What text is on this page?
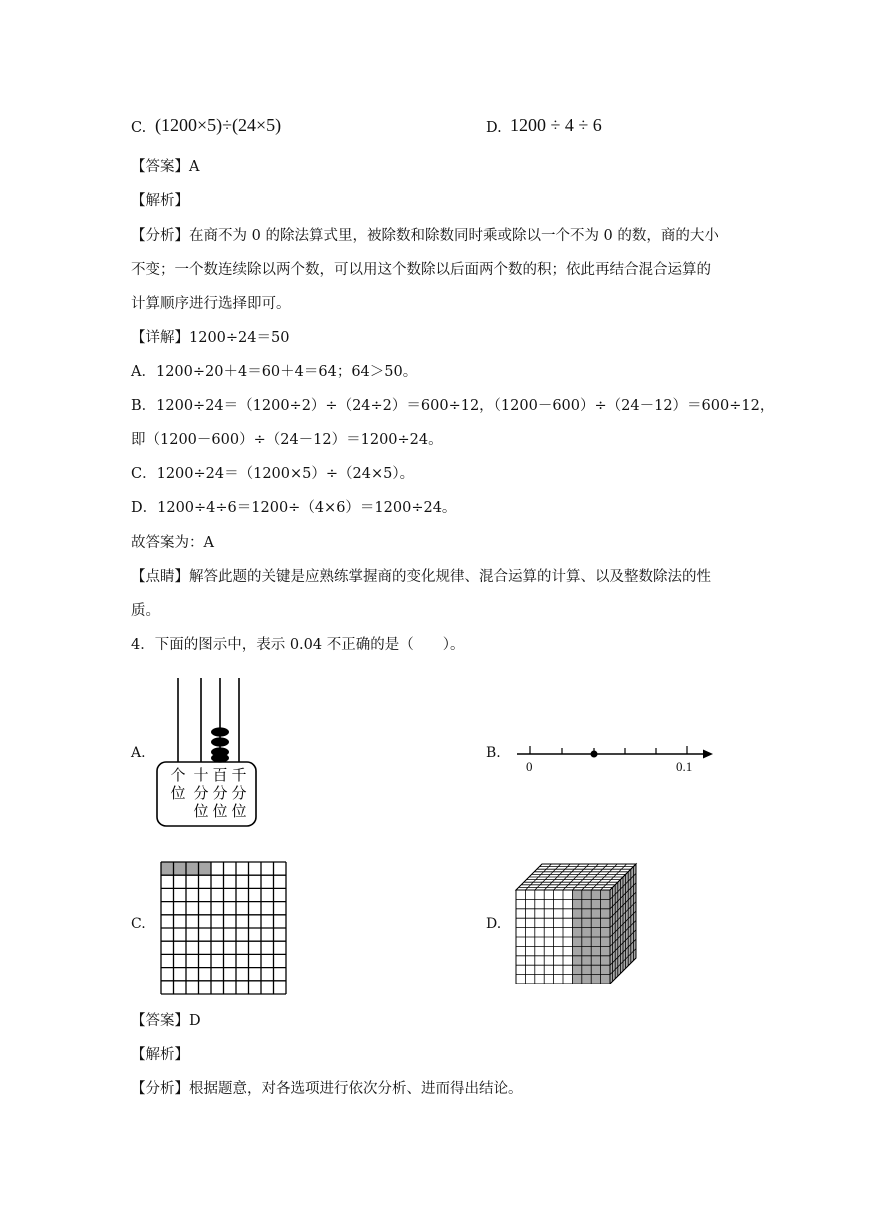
C. (1200×5)÷(24×5)	D. 1200 ÷ 4 ÷ 6
【答案】A
【解析】
【分析】在商不为 0 的除法算式里，被除数和除数同时乘或除以一个不为 0 的数，商的大小
不变；一个数连续除以两个数，可以用这个数除以后面两个数的积；依此再结合混合运算的
计算顺序进行选择即可。
【详解】1200÷24＝50
A．1200÷20＋4＝60＋4＝64；64＞50。
B．1200÷24＝（1200÷2）÷（24÷2）＝600÷12，（1200－600）÷（24－12）＝600÷12，
即（1200－600）÷（24－12）＝1200÷24。
C．1200÷24＝（1200×5）÷（24×5）。
D．1200÷4÷6＝1200÷（4×6）＝1200÷24。
故答案为：A
【点睛】解答此题的关键是应熟练掌握商的变化规律、混合运算的计算、以及整数除法的性
质。
4．下面的图示中，表示 0.04 不正确的是（　　）。
A.
个
位
十
分
位
百
分
位
千
分
位
B.
0	0.1
C.	D.
【答案】D
【解析】
【分析】根据题意，对各选项进行依次分析、进而得出结论。
